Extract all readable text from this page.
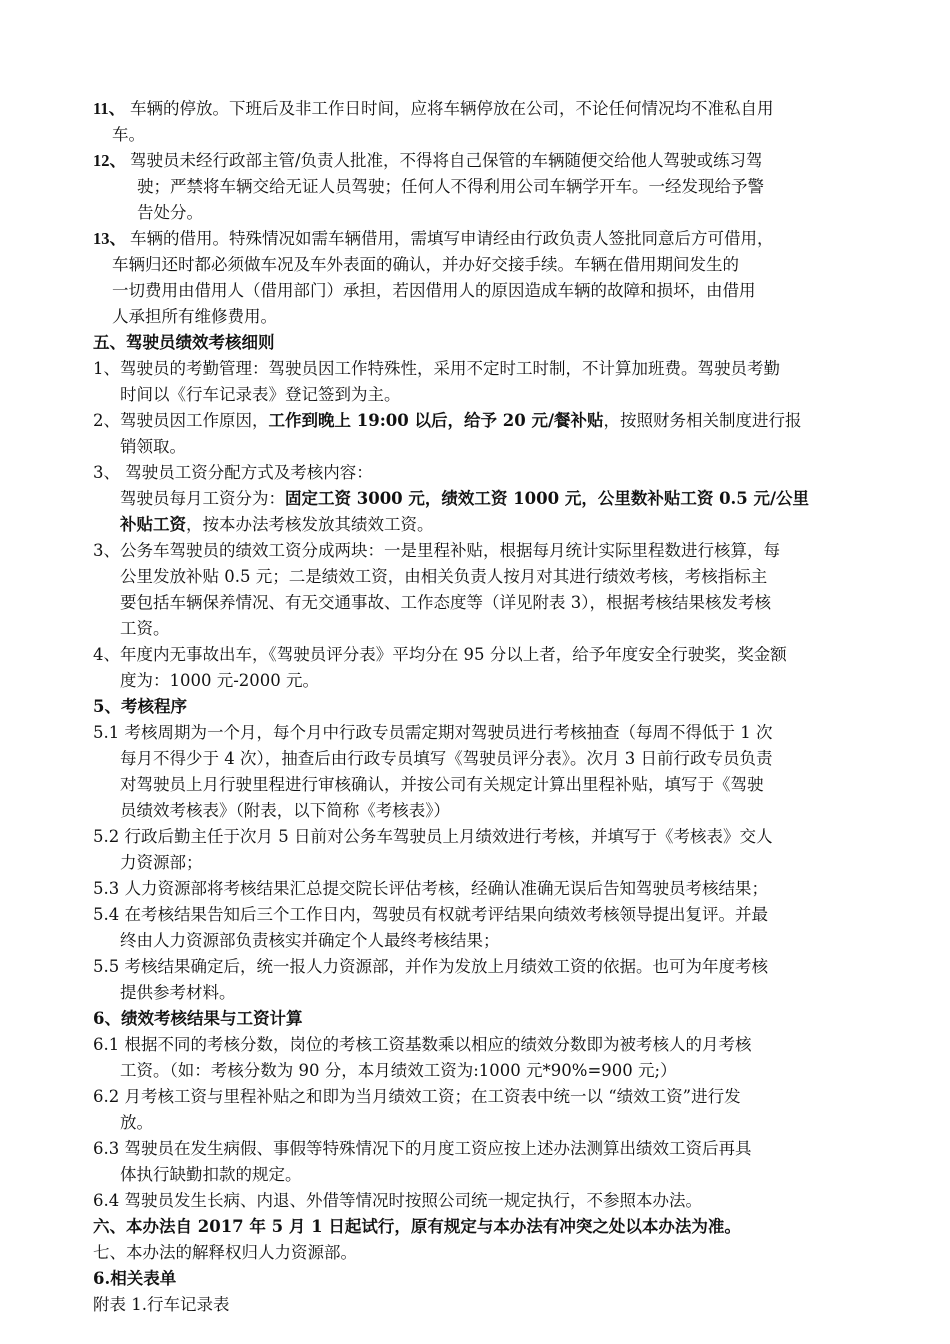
11、 车辆的停放。下班后及非工作日时间，应将车辆停放在公司，不论任何情况均不准私自用
车。
12、 驾驶员未经行政部主管/负责人批准，不得将自己保管的车辆随便交给他人驾驶或练习驾
驶；严禁将车辆交给无证人员驾驶；任何人不得利用公司车辆学开车。一经发现给予警
告处分。
13、 车辆的借用。特殊情况如需车辆借用，需填写申请经由行政负责人签批同意后方可借用，
车辆归还时都必须做车况及车外表面的确认，并办好交接手续。车辆在借用期间发生的
一切费用由借用人（借用部门）承担，若因借用人的原因造成车辆的故障和损坏，由借用
人承担所有维修费用。
五、驾驶员绩效考核细则
1、驾驶员的考勤管理：驾驶员因工作特殊性，采用不定时工时制，不计算加班费。驾驶员考勤
时间以《行车记录表》登记签到为主。
2、驾驶员因工作原因，工作到晚上 19:00 以后，给予 20 元/餐补贴，按照财务相关制度进行报
销领取。
3、 驾驶员工资分配方式及考核内容：
驾驶员每月工资分为：固定工资 3000 元，绩效工资 1000 元，公里数补贴工资 0.5 元/公里
补贴工资，按本办法考核发放其绩效工资。
3、公务车驾驶员的绩效工资分成两块：一是里程补贴，根据每月统计实际里程数进行核算，每
公里发放补贴 0.5 元；二是绩效工资，由相关负责人按月对其进行绩效考核，考核指标主
要包括车辆保养情况、有无交通事故、工作态度等（详见附表 3），根据考核结果核发考核
工资。
4、年度内无事故出车，《驾驶员评分表》平均分在 95 分以上者，给予年度安全行驶奖，奖金额
度为：1000 元-2000 元。
5、考核程序
5.1 考核周期为一个月，每个月中行政专员需定期对驾驶员进行考核抽查（每周不得低于 1 次
每月不得少于 4 次），抽查后由行政专员填写《驾驶员评分表》。次月 3 日前行政专员负责
对驾驶员上月行驶里程进行审核确认，并按公司有关规定计算出里程补贴，填写于《驾驶
员绩效考核表》（附表，以下简称《考核表》）
5.2 行政后勤主任于次月 5 日前对公务车驾驶员上月绩效进行考核，并填写于《考核表》交人
力资源部；
5.3 人力资源部将考核结果汇总提交院长评估考核，经确认准确无误后告知驾驶员考核结果；
5.4 在考核结果告知后三个工作日内，驾驶员有权就考评结果向绩效考核领导提出复评。并最
终由人力资源部负责核实并确定个人最终考核结果；
5.5 考核结果确定后，统一报人力资源部，并作为发放上月绩效工资的依据。也可为年度考核
提供参考材料。
6、绩效考核结果与工资计算
6.1 根据不同的考核分数，岗位的考核工资基数乘以相应的绩效分数即为被考核人的月考核
工资。（如：考核分数为 90 分，本月绩效工资为:1000 元*90%=900 元;）
6.2 月考核工资与里程补贴之和即为当月绩效工资；在工资表中统一以 “绩效工资”进行发
放。
6.3 驾驶员在发生病假、事假等特殊情况下的月度工资应按上述办法测算出绩效工资后再具
体执行缺勤扣款的规定。
6.4 驾驶员发生长病、内退、外借等情况时按照公司统一规定执行，不参照本办法。
六、本办法自 2017 年 5 月 1 日起试行，原有规定与本办法有冲突之处以本办法为准。
七、本办法的解释权归人力资源部。
6.相关表单
附表 1.行车记录表
